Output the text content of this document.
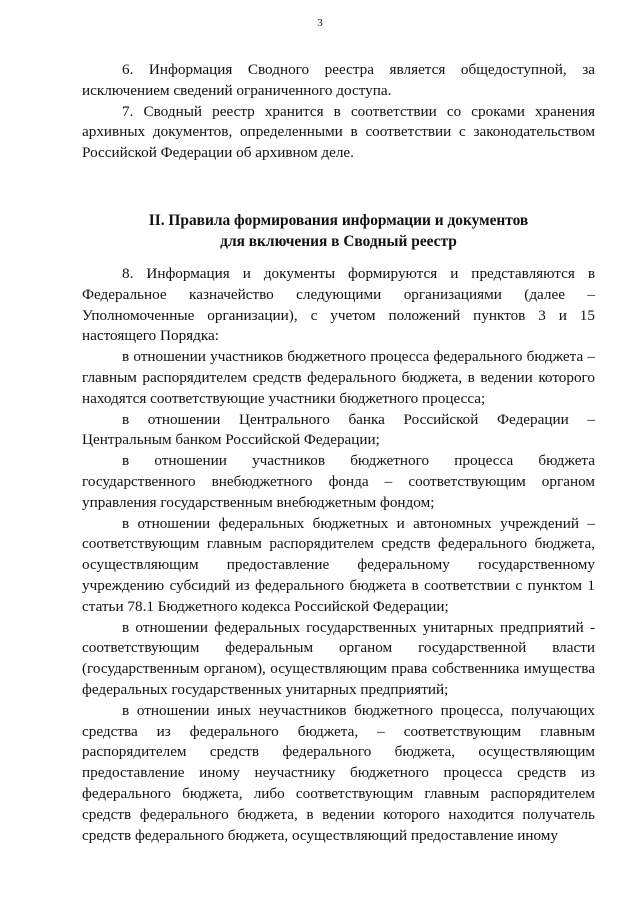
3

6. Информация Сводного реестра является общедоступной, за исключением сведений ограниченного доступа.

7. Сводный реестр хранится в соответствии со сроками хранения архивных документов, определенными в соответствии с законодательством Российской Федерации об архивном деле.

II. Правила формирования информации и документов
для включения в Сводный реестр

8. Информация и документы формируются и представляются в Федеральное казначейство следующими организациями (далее – Уполномоченные организации), с учетом положений пунктов 3 и 15 настоящего Порядка:

в отношении участников бюджетного процесса федерального бюджета – главным распорядителем средств федерального бюджета, в ведении которого находятся соответствующие участники бюджетного процесса;

в отношении Центрального банка Российской Федерации – Центральным банком Российской Федерации;

в отношении участников бюджетного процесса бюджета государственного внебюджетного фонда – соответствующим органом управления государственным внебюджетным фондом;

в отношении федеральных бюджетных и автономных учреждений – соответствующим главным распорядителем средств федерального бюджета, осуществляющим предоставление федеральному государственному учреждению субсидий из федерального бюджета в соответствии с пунктом 1 статьи 78.1 Бюджетного кодекса Российской Федерации;

в отношении федеральных государственных унитарных предприятий - соответствующим федеральным органом государственной власти (государственным органом), осуществляющим права собственника имущества федеральных государственных унитарных предприятий;

в отношении иных неучастников бюджетного процесса, получающих средства из федерального бюджета, – соответствующим главным распорядителем средств федерального бюджета, осуществляющим предоставление иному неучастнику бюджетного процесса средств из федерального бюджета, либо соответствующим главным распорядителем средств федерального бюджета, в ведении которого находится получатель средств федерального бюджета, осуществляющий предоставление иному
